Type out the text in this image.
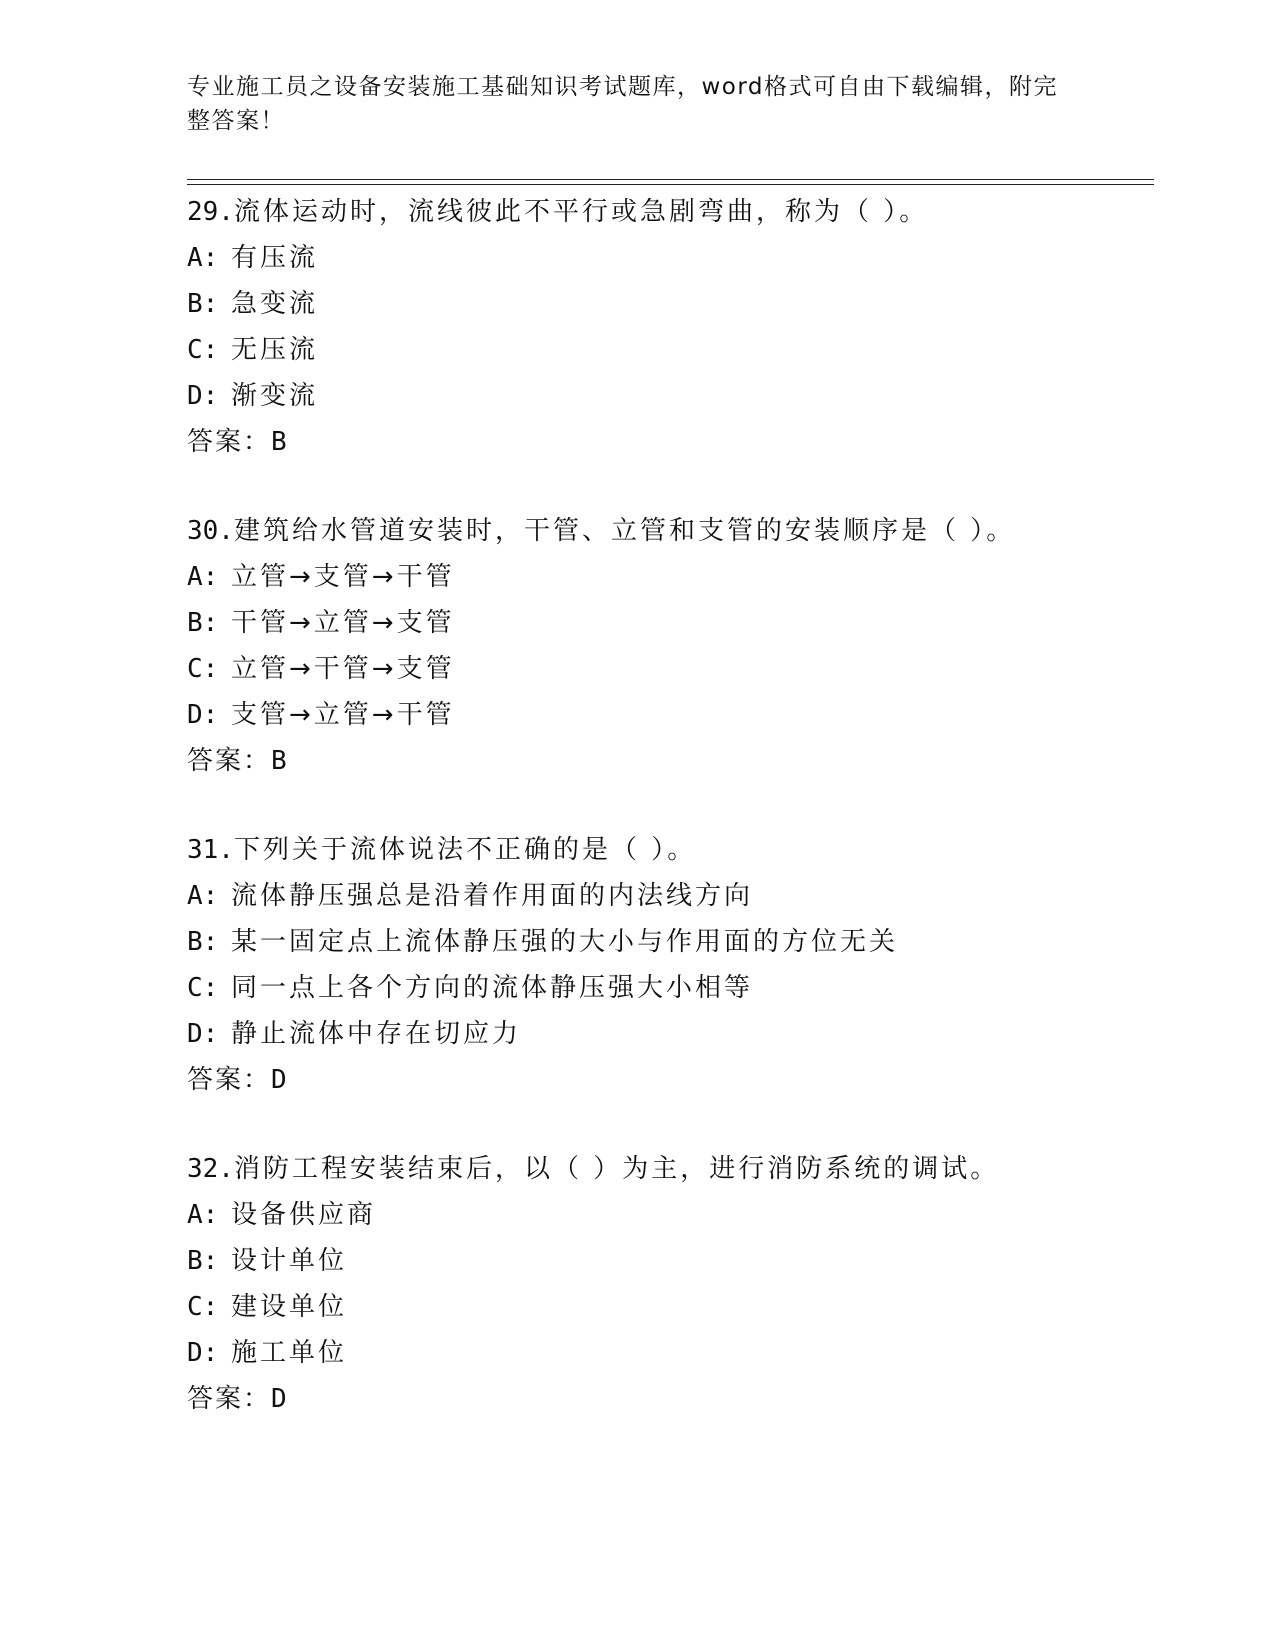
专业施工员之设备安装施工基础知识考试题库，word格式可自由下载编辑，附完整答案！
29.流体运动时，流线彼此不平行或急剧弯曲，称为（ ）。
A: 有压流
B: 急变流
C: 无压流
D: 渐变流
答案：B
30.建筑给水管道安装时，干管、立管和支管的安装顺序是（ ）。
A: 立管→支管→干管
B: 干管→立管→支管
C: 立管→干管→支管
D: 支管→立管→干管
答案：B
31.下列关于流体说法不正确的是（ ）。
A: 流体静压强总是沿着作用面的内法线方向
B: 某一固定点上流体静压强的大小与作用面的方位无关
C: 同一点上各个方向的流体静压强大小相等
D: 静止流体中存在切应力
答案：D
32.消防工程安装结束后，以（ ）为主，进行消防系统的调试。
A: 设备供应商
B: 设计单位
C: 建设单位
D: 施工单位
答案：D
